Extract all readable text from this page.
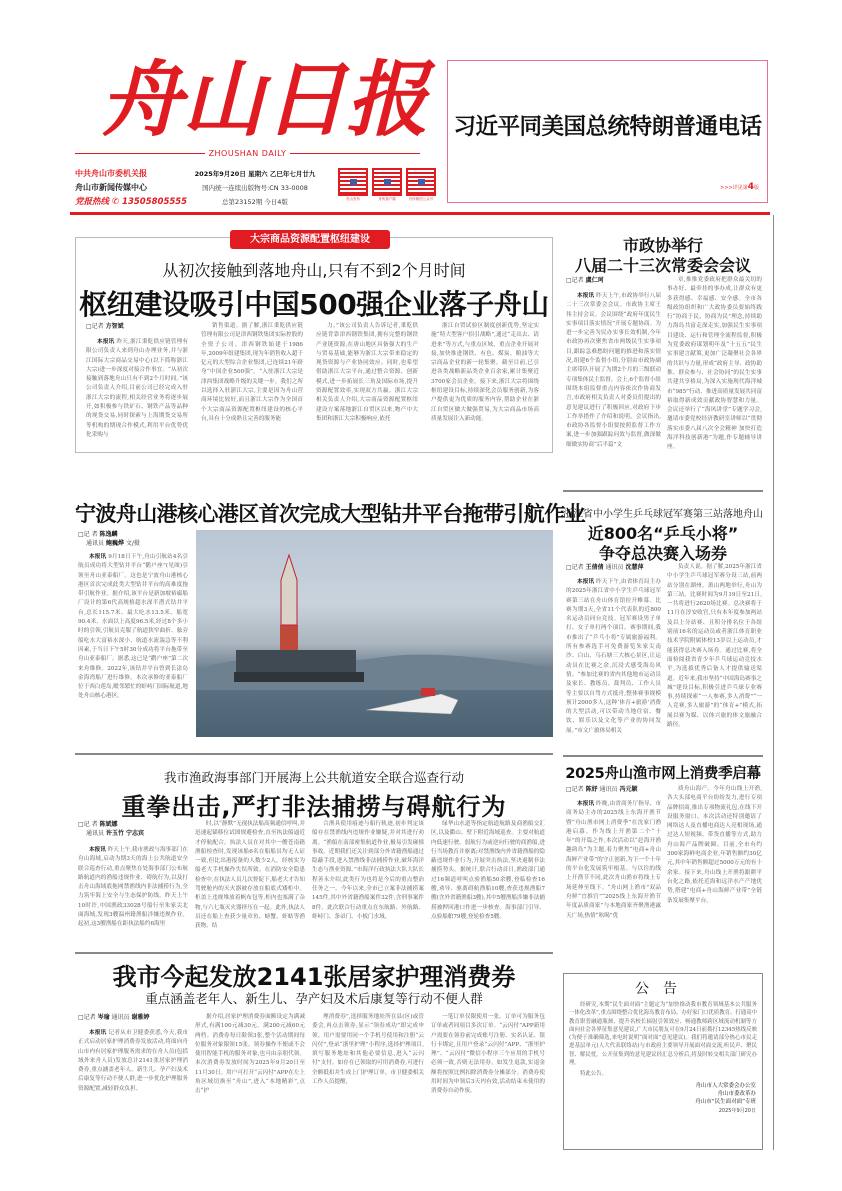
舟山日报
ZHOUSHAN DAILY
中共舟山市委机关报
舟山市新闻传媒中心
党报热线 ✆ 13505805555
2025年9月20日 星期六 乙巳年七月廿九
国内统一连续出版物号:CN 33-0008
总第23152期 今日4版	舟山发布	舟传客户端	舟传微信公众号
习近平同美国总统特朗普通电话
>>>详见第4版
大宗商品资源配置枢纽建设
从初次接触到落地舟山,只有不到2个月时间
枢纽建设吸引中国500强企业落子舟山
□记者 方智斌
本报讯 昨天,浙江秉乾供应链管理有限公司负责人来到舟山办理业务,并与浙江国际大宗商品交易中心(以下简称浙江大宗)进一步深度对接合作事宜。“从初次接触到落地舟山只有不到2个月时间。”该公司负责人介绍,目前公司已经完成入驻浙江大宗的流程,相关经营业务将逐步展开,如积极参与铁矿石、钢铁产品等品种的现货交易,同时探索与上海期货交易所等机构的期现合作模式,利用平台优势优化采购与
销售渠道。据了解,浙江秉乾供应链管理有限公司是津西钢铁集团实际控股的全资子公司。津西钢铁始建于1986年,2009年组建集团,现为年销售收入超千亿元的大型综合企业集团,已连续21年跻身“中国企业500强”。“入驻浙江大宗是津西集团战略升级的关键一步。我们之所以选择入驻浙江大宗,主要是因为舟山营商环境比较好,而且浙江大宗作为全国首个大宗商品资源配置枢纽建设的核心平台,具有十分成熟且完善的服务能
力。”该公司负责人告诉记者,秉乾供应链背靠津西钢铁集团,拥有完整的钢铁产业链资源,在唐山地区具备强大的生产与贸易基础,能够为浙江大宗带来稳定的现货资源与产业协同效应。同时,也希望借助浙江大宗平台,通过整合资源、创新模式,进一步拓展长三角及国际市场,提升资源配置效率,实现双方共赢。浙江大宗相关负责人介绍,大宗商品资源配置枢纽建设方案落地浙江自贸区以来,物产中大集团和浙江大宗积极响应,依托
浙江自贸试验区制度创新优势,坚定实施“特大型客户招引战略”,通过“走出去、请进来”等方式,与重点区域、重点企业开展对接,加快推进钢铁、有色、煤炭、粮油等大宗商品企业的新一轮集聚。截至目前,已引进各类战略新品类企业百余家,累计集聚近3700家会员企业。接下来,浙江大宗将围绕枢纽建设目标,持续深化会员服务创新,为客户提供更为优质的服务内容,帮助企业在浙江自贸区做大做强贸易,为大宗商品市场高质量发展注入新动能。
市政协举行
八届二十三次常委会会议
□记者 虞仁珂
本报讯 昨天上午,市政协举行八届二十三次常委会会议。市政协主席王伟主持会议。会议围绕“政府年度民生实事项目落实情况”开展专题协商。为进一步完善为民办实事长效机制,今年市政协再次聚焦省市两级民生实事项目,跟踪急难愁盼问题的推进和落实情况,组建6个监督小组,分别由市政协副主席带队开展了为期2个月的三级联动专项集体民主监督。会上,6个监督小组围绕本组监督重点内容依次作协商发言,市政府相关负责人对委员们提出的意见建议进行了积极回应,对政府下步工作举措作了介绍和说明。会议指出,市政协各监督小组要按照监督工作方案,进一步加强跟踪问效与监督,做深做细做实协商“后半篇”文
章,推推党委政府把群众最关切的事办好、最牵挂的事办成,让群众有更多获得感、幸福感、安全感。全市各级政协组织和广大政协委员要始终践行“协商于民、协商为民”理念,持续助力海岛共富走深走实,加强民生实事项目建设、运行和管理全流程监督,积极为党委政府谋划明年及“十五五”民生实事建言献策,更加广泛凝聚社会各界的共识与力量,形成“政府主导、政协助推、群众参与、社会协同”的民生实事共建共享格局,为深入实施现代海洋城市“985”行动、推进高质量发展共同富裕取得新成效贡献政协智慧和力量。会议还举行了“海风讲堂”专题学习会,邀请市委党校经济教研室讲师以“贯彻落实市委八届八次全会精神 加快打造海洋科技创新港”为题,作专题辅导讲座。
宁波舟山港核心港区首次完成大型钻井平台拖带引航作业
□记 者 陈逸麟
通讯员 鲍巍烨 文/摄
本报讯 9月18日下午,舟山引航站4名引航员成功将大型钻井平台“鹳户座”(见图)引领至舟山亚泰船厂。这也是宁波舟山港核心港区首次完成此类大型钻井平台的高难度拖带引航作业。据介绍,该平台是新加坡裕廊船厂设计的第6代高规格超水深半潜式钻井平台,总长115.7米、最大吃水13.5米、船宽90.4米、水面以上高度96.5米,经过8个多小时的引领,引航员克服了航道狭窄曲折、舷旁船吃水大富裕水深小、航道水流湍急等不利因素,于当日下午5时30分成功将平台拖带至舟山亚泰船厂。据悉,这已是“鹳户座”第二次来舟维修。2022年,该钻井平台曾到长涂岛金海湾船厂进行维修。本次承修的亚泰船厂位于西白莲岛,毗邻繁忙的虾峙门国际航道,地处舟山核心港区。
浙江省中小学生乒乓球冠军赛第三站落地舟山
近800名“乒乓小将”
争夺总决赛入场券
□记者 王倩倩 通讯员 沈慧萍
本报讯 昨天下午,由省体育局主办的2025年浙江省中小学生乒乓球冠军赛第三站在舟山体育馆拉开帷幕。比赛为期3天,全省11个代表队的近800名运动员同台竞技。冠军赛设男子单打、女子单打两个项目。赛事期间,我市推出了“乒乓小将”专属旅游福利。所有参赛选手可免费游览朱家尖南沙、白山、乌石塘三大核心景区,让运动员在比赛之余,沉浸式感受海岛风情。“参加比赛的省内其他地市运动员及家长、教练员、裁判员、工作人员等主要以自驾方式抵舟,整体赛事规模预计2000多人,这种‘体育+旅游’消费的大型活动,可以带动当地住宿、餐饮、娱乐以及文化等产业的协同发展。”市文广旅体局相关
负责人说。据了解,2025年浙江省中小学生乒乓球冠军赛分设三站,前两站分别在湖州、萧山两地举行,舟山为第三站。比赛时间为9月19日至21日,一共将进行2620场比赛。总决赛将于11月在淳安收官,只有本年度参加两站及以上分站赛、且积分排名位于各组别前16名的运动员或者浙江体育职业技术学院附属体校13岁以上运动员,才能获得总决赛入场券。通过比赛,将全面检阅我省青少年乒乓球运动竞技水平,为选拔优秀后备人才提供输送渠道。近年来,我市坚持“中国海岛赛事之城”建设目标,积极引进乒乓球专业赛事,持续探索“一人参赛,多人消费”“一人竞赛,多人旅游”的“体育+”模式,拓展以赛为媒、以体兴旅的体文旅融合路径。
我市渔政海事部门开展海上公共航道安全联合巡查行动
重拳出击,严打非法捕捞与碍航行为
□记 者 陈斌娜
通讯员 许玉竹 宁志宾
本报讯 昨天上午,我市渔政与海事部门在舟山海域,启动为期3天的海上公共航道安全联合巡查行动,重点聚焦在处海事部门公布航路航道内的渔船违规作业、碍航行为,以及打击舟山海域底拖网禁渔线内非法捕捞行为,全力筑牢海上安全与生态保护防线。昨天上午10时许,中国渔政33028号船行至朱家尖北面海域,发现3艘温州籍渔船涉嫌违规作业。起初,这3艘渔船在距执法船约6海里
时,以“静默”无视执法船高频通信呼叫,并迅速起锚移位试图规避检查,直至执法船逼近才停航配合。执法人员在对其中一艘苍南籍渔船检查时,发现该船6名在船船员均无人证一致,但比出港报备的人数少2人。经核实为船老大手机操作失误所致。在消防安全隐患检查中,在执法人员几次督促下,船老大才告知驾驶舱内的灭火器被存放在船底式矮柜中。柜盖上违规堆放着帆布包等,柜内也塞满了杂物,与六七瓶灭火器挤压在一起。此外,执法人员还在船上查获少量章鱼、螃蟹、虾蛄等渔获物。结
合渔具使用痕迹与船行轨迹,初步判定该船存在禁渔线内违规作业嫌疑,并对其进行劝离。“渔船在南部密集航道作业,极易引发碰撞事故。近期我们还关注到部分外省籍渔船通过隐蔽手段,进入禁渔线非法捕捞作业,破坏海洋生态与渔业资源。”市海洋行政执法大队大队长程善永介绍,此类行为也将是今后的重点整治任务之一。今年以来,全市已立案非法捕捞案145件,其中外省籍渔船案件32件,含刑事案件8件。此次联合行动重点在东航路、外航路、虾峙门、条帚门、小板门水域、
绿华山水道等指定航道航路及商渔船交汇区,以及衢山、壁下附近海域巡查。主要对航道内低速行驶、弱航行为或逆向行驶的商渔船,进行当场教育并驱离;对禁渔线内外省籍渔船的隐蔽违规作业行为,开展突击执法,坚决遏制非法捕捞势头。据统计,联合行动首日,渔政部门通过16频道呼叫点验渔船50余艘,登临检查16艘,劝导、驱离碍航渔船10艘,查获违规渔船7艘(含外省籍渔船3艘),其中5艘渔船涉嫌非法捕捞被押回港口作进一步核查。海事部门引导、点验船舶79艘,登轮检查5艘。
2025舟山渔市网上消费季启幕
□记者 陈妤 通讯员 冯元颖
本报讯 昨晚,由省商务厅指导、市商务局主办的2025线上东海开渔节暨“舟山渔市网上消费季”在沈家门渔港启幕。作为线上开渔第二个“十年”的开篇之作,本次活动以“赶海开渔趣韵岛”为主题,着力聚焦“电商+舟山海鲜产业带”的守正创新,为下一个十年的平台化发展筑牢根基。与以往的线上开渔节不同,此次舟山渔市将线上专场延伸至线下。“舟山网上渔市”双品舟鲜“宜推官”“2025线上东海开渔节年度品质商家”与本地商家齐聚渔港露天广场,热情“吆喝”优
质舟山海产。今年舟山线上开渔,各大头部电商平台纷纷发力,进行专项品牌招商,推出专项物流礼包,在线下开设服务窗口。本次活动还特别邀请了网络达人及直播电商达人亮相现场,通过达人短视频、带货直播等方式,助力舟山海产品牌破圈。目前,全市有约300家海鲜电商企业,年销售额约30亿元,其中年销售额超过5000万元的有十余家。接下来,舟山线上开渔将跟耕平台化之路,依托近海和远洋水产产地优势,搭建“电商+舟山海鲜产业带”全链条发展集聚平台。
我市今起发放2141张居家护理消费券
重点涵盖老年人、新生儿、孕产妇及术后康复等行动不便人群
□记者 岑瑜 通讯员 谢雅婷
本报讯 记者从市卫健委获悉,今天,我市正式启动居家护理消费券发放活动,将面向舟山市内有居家护理服务需求的在舟人员(包括域外来舟人员)发放总计2141张居家护理消费券,重点涵盖老年人、新生儿、孕产妇及术后康复等行动不便人群,进一步优化护理服务资源配置,减轻群众负担。
据介绍,居家护理消费券面额设定为满减形式,有满100元减30元、满200元减60元两档。消费券每日限领3张,整个活动期间每位服务对象限领15张。领券操作不便或不会使用智能手机的服务对象,也可由亲朋代领。本次消费券发放时间为2025年9月20日至11月30日。用户可打开“云闪付”APP在左上角区域切换至“舟山”,进入“本地精彩”,点击“护
理消费券”,选择服务地址所在县(区)或管委会,再点击领券,显示“领券成功”即完成申领。用户需要用同一个手机号使用和注册“云闪付”,登录“浙里护理”小程序,选择护理项目,填写服务地址和其他必要信息,进入“云闪付”支付。如存在已领取的可用消费券,可进行全额抵扣并生成上门护理订单。市卫健委相关工作人员提醒,
一笔订单仅限使用一张。订单可为服务包订单或者同项目多次订单。“云闪付”APP新用户需要在领券前完成账号注册、实名认证、银行卡绑定,且用户登录“云闪付”APP、“浙里护理”、“云闪付”微信小程序三个应用的手机号必须一致,否则无法用券。如发生退款,实退金额将按照比例扣除消费券分摊部分。消费券使用时间为申领后3天内有效,活动结束未使用的消费券自动作废。
公告
经研究,本期“民生面对面”主题定为“加快推动我市教育领域基本公共服务一体化改革”,重点围绕整合优化海岛教育布局、办好家门口优质教育、打通高中教育职普融通瓶颈、提升名校长辐射引领效应、畅通教师跨区域流动机制等方面向社会各界征集意见建议,广大市民朋友可在9月24日前拨打12345热线反映(为便于准确筛选,来电时说明“面对面”意见建议)。我们将邀请部分热心市民走进基层单元(人大代表联络站)与市政府主要领导开展面对面交流,听民声、聚民智、解民忧。公开征集到的意见建议经汇总分析后,将及时转交相关部门研究办理。
特此公告。
舟山市人大常委会办公室
舟山市委改革办
舟山市“民生面对面”专班
2025年9月20日
